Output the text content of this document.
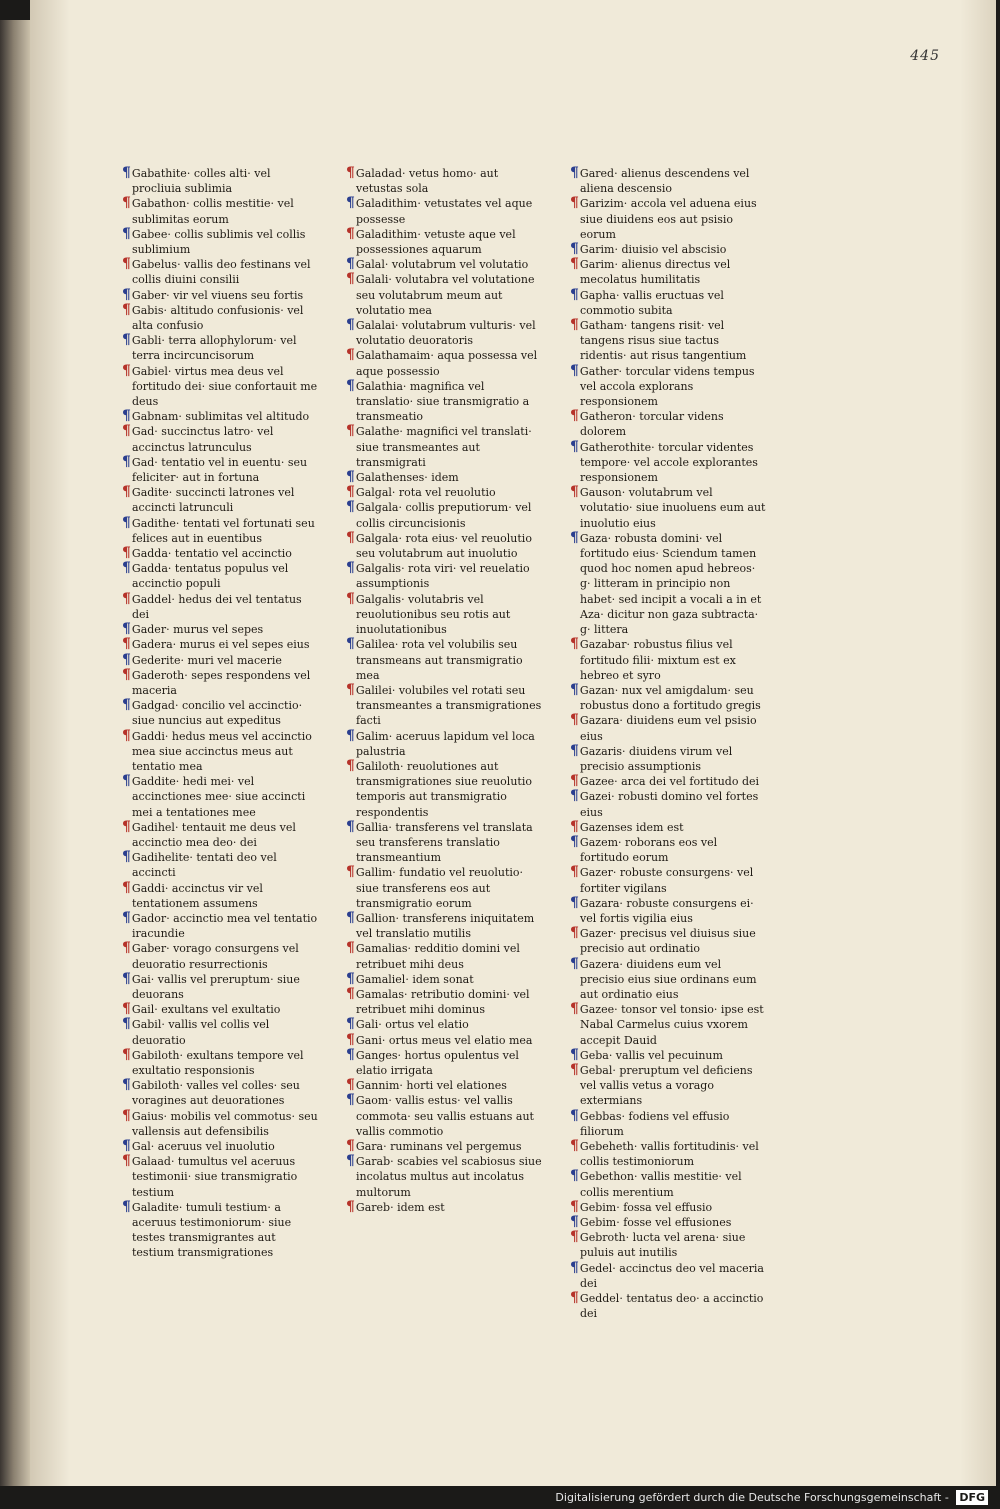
445

¶Gabathite· colles alti· vel procliuia sublimia

¶Gabathon· collis mestitie· vel sublimitas eorum

¶Gabee· collis sublimis vel collis sublimium

¶Gabelus· vallis deo festinans vel collis diuini consilii

¶Gaber· vir vel viuens seu fortis

¶Gabis· altitudo confusionis· vel alta confusio

¶Gabli· terra allophylorum· vel terra incircuncisorum

¶Gabiel· virtus mea deus vel fortitudo dei· siue confortauit me deus

¶Gabnam· sublimitas vel altitudo

¶Gad· succinctus latro· vel accinctus latrunculus

¶Gad· tentatio vel in euentu· seu feliciter· aut in fortuna

¶Gadite· succincti latrones vel accincti latrunculi

¶Gadithe· tentati vel fortunati seu felices aut in euentibus

¶Gadda· tentatio vel accinctio

¶Gadda· tentatus populus vel accinctio populi

¶Gaddel· hedus dei vel tentatus dei

¶Gader· murus vel sepes

¶Gadera· murus ei vel sepes eius

¶Gederite· muri vel macerie

¶Gaderoth· sepes respondens vel maceria

¶Gadgad· concilio vel accinctio· siue nuncius aut expeditus

¶Gaddi· hedus meus vel accinctio mea siue accinctus meus aut tentatio mea

¶Gaddite· hedi mei· vel accinctiones mee· siue accincti mei a tentationes mee

¶Gadihel· tentauit me deus vel accinctio mea deo· dei

¶Gadihelite· tentati deo vel accincti

¶Gaddi· accinctus vir vel tentationem assumens

¶Gador· accinctio mea vel tentatio iracundie

¶Gaber· vorago consurgens vel deuoratio resurrectionis

¶Gai· vallis vel preruptum· siue deuorans

¶Gail· exultans vel exultatio

¶Gabil· vallis vel collis vel deuoratio

¶Gabiloth· exultans tempore vel exultatio responsionis

¶Gabiloth· valles vel colles· seu voragines aut deuorationes

¶Gaius· mobilis vel commotus· seu vallensis aut defensibilis

¶Gal· aceruus vel inuolutio

¶Galaad· tumultus vel aceruus testimonii· siue transmigratio testium

¶Galadite· tumuli testium· a aceruus testimoniorum· siue testes transmigrantes aut testium transmigrationes

¶Galadad· vetus homo· aut vetustas sola

¶Galadithim· vetustates vel aque possesse

¶Galadithim· vetuste aque vel possessiones aquarum

¶Galal· volutabrum vel volutatio

¶Galali· volutabra vel volutatione seu volutabrum meum aut volutatio mea

¶Galalai· volutabrum vulturis· vel volutatio deuoratoris

¶Galathamaim· aqua possessa vel aque possessio

¶Galathia· magnifica vel translatio· siue transmigratio a transmeatio

¶Galathe· magnifici vel translati· siue transmeantes aut transmigrati

¶Galathenses· idem

¶Galgal· rota vel reuolutio

¶Galgala· collis preputiorum· vel collis circuncisionis

¶Galgala· rota eius· vel reuolutio seu volutabrum aut inuolutio

¶Galgalis· rota viri· vel reuelatio assumptionis

¶Galgalis· volutabris vel reuolutionibus seu rotis aut inuolutationibus

¶Galilea· rota vel volubilis seu transmeans aut transmigratio mea

¶Galilei· volubiles vel rotati seu transmeantes a transmigrationes facti

¶Galim· aceruus lapidum vel loca palustria

¶Galiloth· reuolutiones aut transmigrationes siue reuolutio temporis aut transmigratio respondentis

¶Gallia· transferens vel translata seu transferens translatio transmeantium

¶Gallim· fundatio vel reuolutio· siue transferens eos aut transmigratio eorum

¶Gallion· transferens iniquitatem vel translatio mutilis

¶Gamalias· redditio domini vel retribuet mihi deus

¶Gamaliel· idem sonat

¶Gamalas· retributio domini· vel retribuet mihi dominus

¶Gali· ortus vel elatio

¶Gani· ortus meus vel elatio mea

¶Ganges· hortus opulentus vel elatio irrigata

¶Gannim· horti vel elationes

¶Gaom· vallis estus· vel vallis commota· seu vallis estuans aut vallis commotio

¶Gara· ruminans vel pergemus

¶Garab· scabies vel scabiosus siue incolatus multus aut incolatus multorum

¶Gareb· idem est

¶Gared· alienus descendens vel aliena descensio

¶Garizim· accola vel aduena eius siue diuidens eos aut psisio eorum

¶Garim· diuisio vel abscisio

¶Garim· alienus directus vel mecolatus humilitatis

¶Gapha· vallis eructuas vel commotio subita

¶Gatham· tangens risit· vel tangens risus siue tactus ridentis· aut risus tangentium

¶Gather· torcular videns tempus vel accola explorans responsionem

¶Gatheron· torcular videns dolorem

¶Gatherothite· torcular videntes tempore· vel accole explorantes responsionem

¶Gauson· volutabrum vel volutatio· siue inuoluens eum aut inuolutio eius

¶Gaza· robusta domini· vel fortitudo eius· Sciendum tamen quod hoc nomen apud hebreos· g· litteram in principio non habet· sed incipit a vocali a in et Aza· dicitur non gaza subtracta· g· littera

¶Gazabar· robustus filius vel fortitudo filii· mixtum est ex hebreo et syro

¶Gazan· nux vel amigdalum· seu robustus dono a fortitudo gregis

¶Gazara· diuidens eum vel psisio eius

¶Gazaris· diuidens virum vel precisio assumptionis

¶Gazee· arca dei vel fortitudo dei

¶Gazei· robusti domino vel fortes eius

¶Gazenses idem est

¶Gazem· roborans eos vel fortitudo eorum

¶Gazer· robuste consurgens· vel fortiter vigilans

¶Gazara· robuste consurgens ei· vel fortis vigilia eius

¶Gazer· precisus vel diuisus siue precisio aut ordinatio

¶Gazera· diuidens eum vel precisio eius siue ordinans eum aut ordinatio eius

¶Gazee· tonsor vel tonsio· ipse est Nabal Carmelus cuius vxorem accepit Dauid

¶Geba· vallis vel pecuinum

¶Gebal· preruptum vel deficiens vel vallis vetus a vorago extermians

¶Gebbas· fodiens vel effusio filiorum

¶Gebeheth· vallis fortitudinis· vel collis testimoniorum

¶Gebethon· vallis mestitie· vel collis merentium

¶Gebim· fossa vel effusio

¶Gebim· fosse vel effusiones

¶Gebroth· lucta vel arena· siue puluis aut inutilis

¶Gedel· accinctus deo vel maceria dei

¶Geddel· tentatus deo· a accinctio dei

Digitalisierung gefördert durch die Deutsche Forschungsgemeinschaft - DFG
